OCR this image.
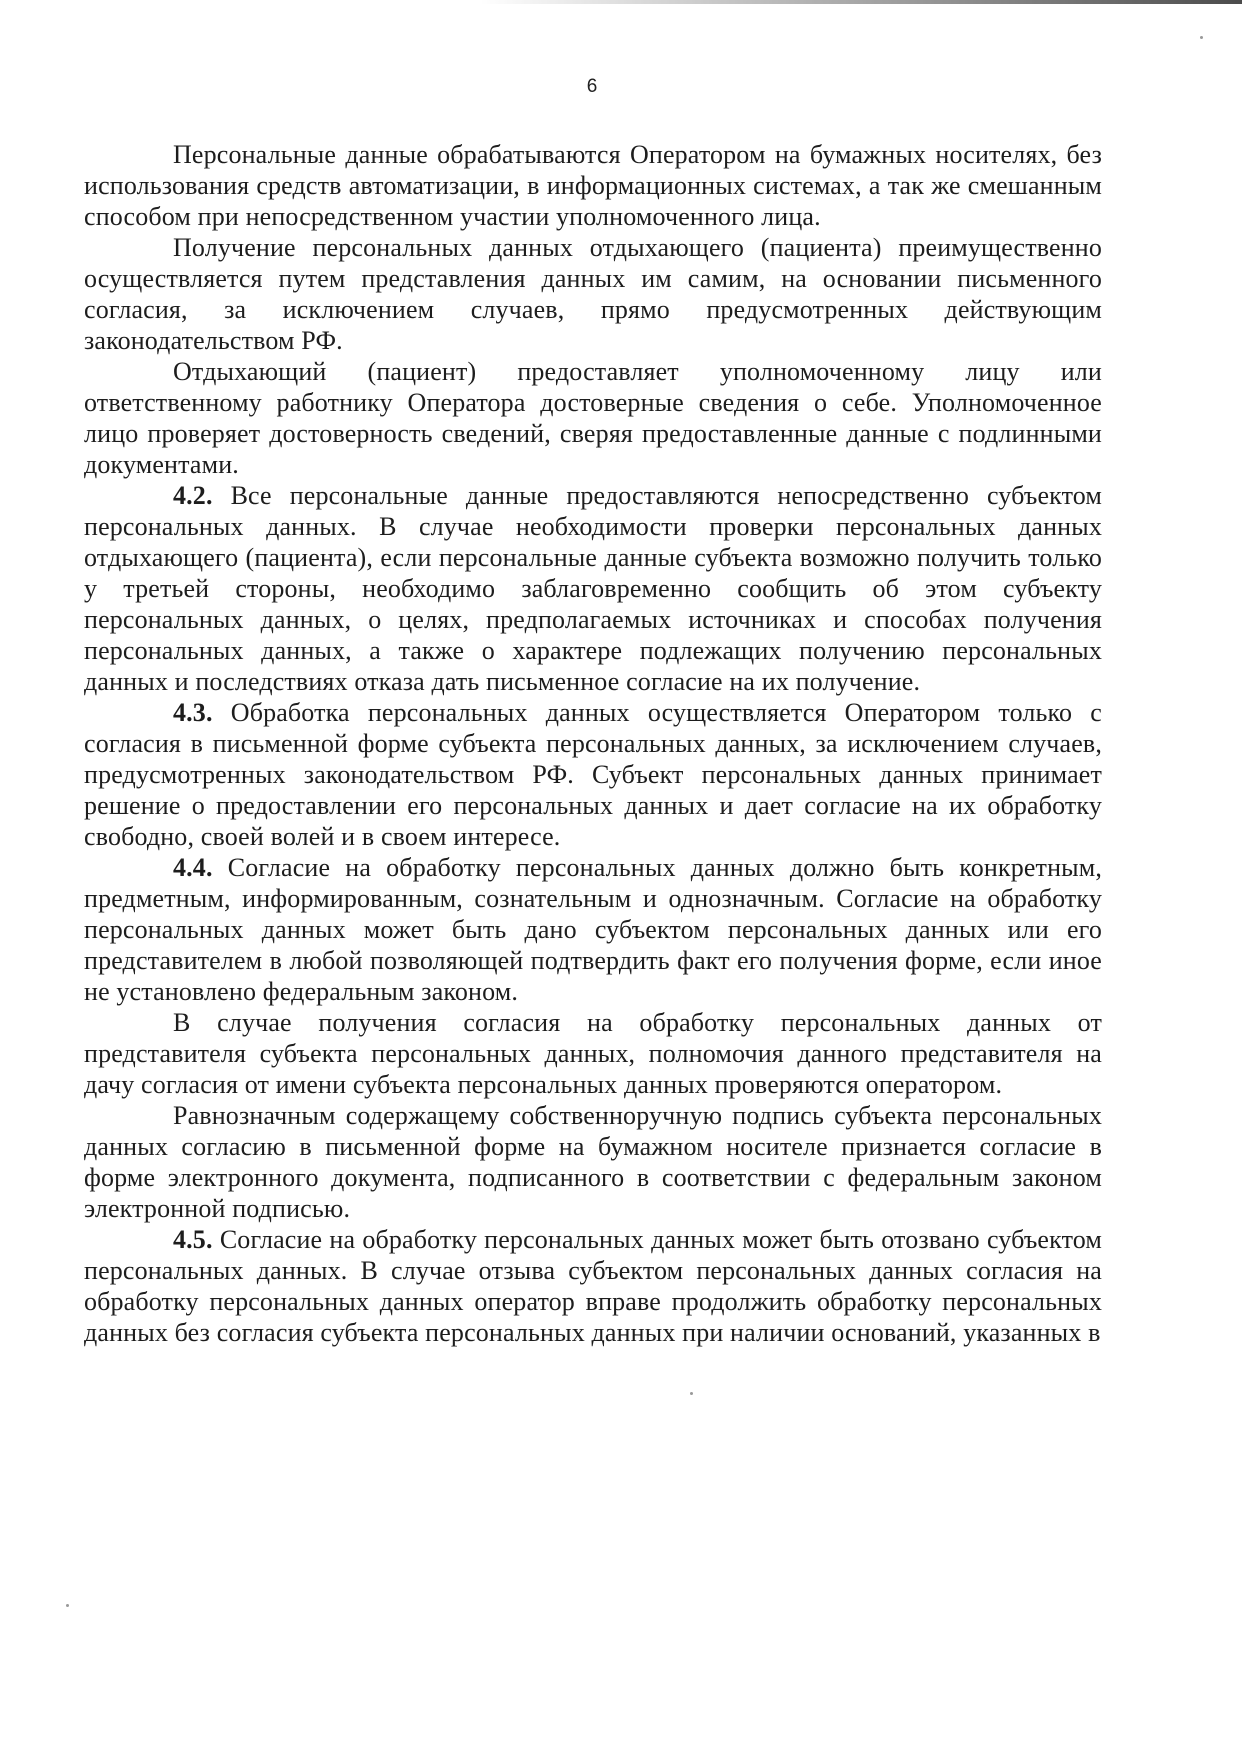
6

Персональные данные обрабатываются Оператором на бумажных носителях, без использования средств автоматизации, в информационных системах, а так же смешанным способом при непосредственном участии уполномоченного лица.

Получение персональных данных отдыхающего (пациента) преимущественно осуществляется путем представления данных им самим, на основании письменного согласия, за исключением случаев, прямо предусмотренных действующим законодательством РФ.

Отдыхающий (пациент) предоставляет уполномоченному лицу или ответственному работнику Оператора достоверные сведения о себе. Уполномоченное лицо проверяет достоверность сведений, сверяя предоставленные данные с подлинными документами.

4.2. Все персональные данные предоставляются непосредственно субъектом персональных данных. В случае необходимости проверки персональных данных отдыхающего (пациента), если персональные данные субъекта возможно получить только у третьей стороны, необходимо заблаговременно сообщить об этом субъекту персональных данных, о целях, предполагаемых источниках и способах получения персональных данных, а также о характере подлежащих получению персональных данных и последствиях отказа дать письменное согласие на их получение.

4.3. Обработка персональных данных осуществляется Оператором только с согласия в письменной форме субъекта персональных данных, за исключением случаев, предусмотренных законодательством РФ. Субъект персональных данных принимает решение о предоставлении его персональных данных и дает согласие на их обработку свободно, своей волей и в своем интересе.

4.4. Согласие на обработку персональных данных должно быть конкретным, предметным, информированным, сознательным и однозначным. Согласие на обработку персональных данных может быть дано субъектом персональных данных или его представителем в любой позволяющей подтвердить факт его получения форме, если иное не установлено федеральным законом.

В случае получения согласия на обработку персональных данных от представителя субъекта персональных данных, полномочия данного представителя на дачу согласия от имени субъекта персональных данных проверяются оператором.

Равнозначным содержащему собственноручную подпись субъекта персональных данных согласию в письменной форме на бумажном носителе признается согласие в форме электронного документа, подписанного в соответствии с федеральным законом электронной подписью.

4.5. Согласие на обработку персональных данных может быть отозвано субъектом персональных данных. В случае отзыва субъектом персональных данных согласия на обработку персональных данных оператор вправе продолжить обработку персональных данных без согласия субъекта персональных данных при наличии оснований, указанных в
